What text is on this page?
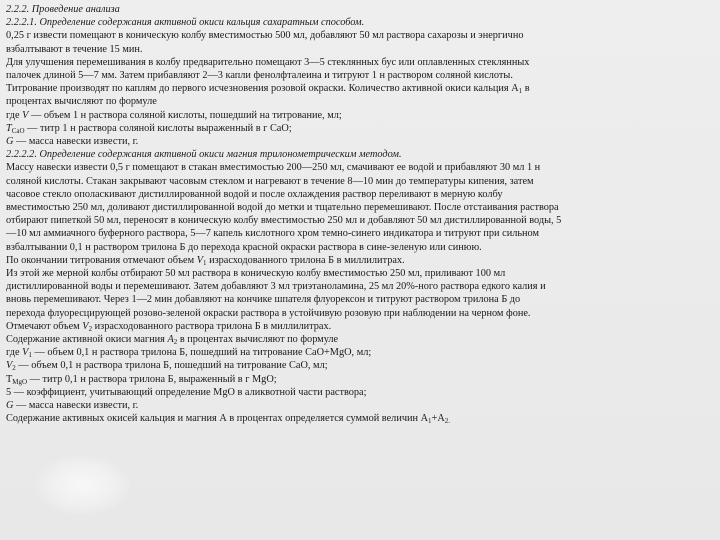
2.2.2. Проведение анализа
2.2.2.1. Определение содержания активной окиси кальция сахаратным способом.
0,25 г извести помещают в коническую колбу вместимостью 500 мл, добавляют 50 мл раствора сахарозы и энергично
взбалтывают в течение 15 мин.
Для улучшения перемешивания в колбу предварительно помещают 3—5 стеклянных бус или оплавленных стеклянных
палочек длиной 5—7 мм. Затем прибавляют 2—3 капли фенолфталеина и титруют 1 н раствором соляной кислоты.
Титрование производят по каплям до первого исчезновения розовой окраски. Количество активной окиси кальция $А_1$ в
процентах вычисляют по формуле
где V — объем 1 н раствора соляной кислоты, пошедший на титрование, мл;
$T_{CaO}$ — титр 1 н раствора соляной кислоты выраженный в г СаО;
G — масса навески извести, г.
2.2.2.2. Определение содержания активной окиси магния трилонометрическим методом.
Массу навески извести 0,5 г помещают в стакан вместимостью 200—250 мл, смачивают ее водой и прибавляют 30 мл 1 н
соляной кислоты. Стакан закрывают часовым стеклом и нагревают в течение 8—10 мин до температуры кипения, затем
часовое стекло ополаскивают дистиллированной водой и после охлаждения раствор переливают в мерную колбу
вместимостью 250 мл, доливают дистиллированной водой до метки и тщательно перемешивают. После отстаивания раствора
отбирают пипеткой 50 мл, переносят в коническую колбу вместимостью 250 мл и добавляют 50 мл дистиллированной воды, 5
—10 мл аммиачного буферного раствора, 5—7 капель кислотного хром темно-синего индикатора и титруют при сильном
взбалтывании 0,1 н раствором трилона Б до перехода красной окраски раствора в сине-зеленую или синюю.
По окончании титрования отмечают объем $V_1$ израсходованного трилона Б в миллилитрах.
Из этой же мерной колбы отбирают 50 мл раствора в коническую колбу вместимостью 250 мл, приливают 100 мл
дистиллированной воды и перемешивают. Затем добавляют 3 мл триэтаноламина, 25 мл 20%-ного раствора едкого калия и
вновь перемешивают. Через 1—2 мин добавляют на кончике шпателя флуорексон и титруют раствором трилона Б до
перехода флуоресцирующей розово-зеленой окраски раствора в устойчивую розовую при наблюдении на черном фоне.
Отмечают объем $V_2$ израсходованного раствора трилона Б в миллилитрах.
Содержание активной окиси магния $А_2$ в процентах вычисляют по формуле
где $V_1$ — объем 0,1 н раствора трилона Б, пошедший на титрование СаО+MgO, мл;
$V_2$ — объем 0,1 н раствора трилона Б, пошедший на титрование СаО, мл;
$Т_{MgO}$ — титр 0,1 н раствора трилона Б, выраженный в г MgO;
5 — коэффициент, учитывающий определение MgO в аликвотной части раствора;
G — масса навески извести, г.
Содержание активных окисей кальция и магния А в процентах определяется суммой величин $А_1+А_{2.}$
